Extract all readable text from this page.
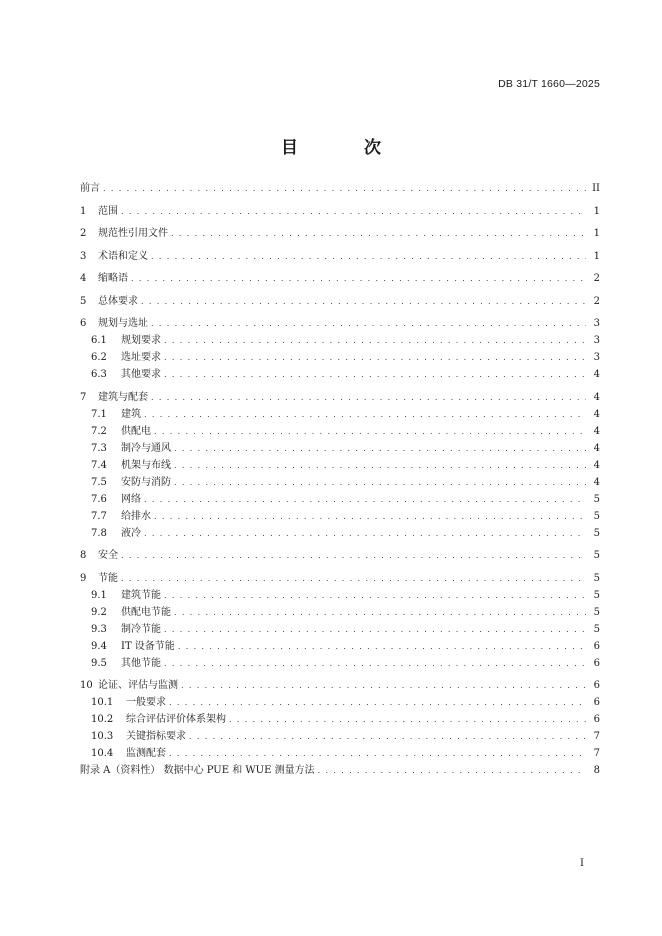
DB 31/T 1660—2025
目 次
前言 . . .	II
1	范围 . . .	1
2	规范性引用文件 . . .	1
3	术语和定义 . . .	1
4	缩略语 . . .	2
5	总体要求 . . .	2
6	规划与选址 . . .	3
6.1	规划要求 . . .	3
6.2	选址要求 . . .	3
6.3	其他要求 . . .	4
7	建筑与配套 . . .	4
7.1	建筑 . . .	4
7.2	供配电 . . .	4
7.3	制冷与通风 . . .	4
7.4	机架与布线 . . .	4
7.5	安防与消防 . . .	4
7.6	网络 . . .	5
7.7	给排水 . . .	5
7.8	液冷 . . .	5
8	安全 . . .	5
9	节能 . . .	5
9.1	建筑节能 . . .	5
9.2	供配电节能 . . .	5
9.3	制冷节能 . . .	5
9.4	IT 设备节能 . . .	6
9.5	其他节能 . . .	6
10 论证、评估与监测 . . .	6
10.1	一般要求 . . .	6
10.2	综合评估评价体系架构 . . .	6
10.3	关键指标要求 . . .	7
10.4	监测配套 . . .	7
附录 A（资料性） 数据中心 PUE 和 WUE 测量方法 . . .	8
I
